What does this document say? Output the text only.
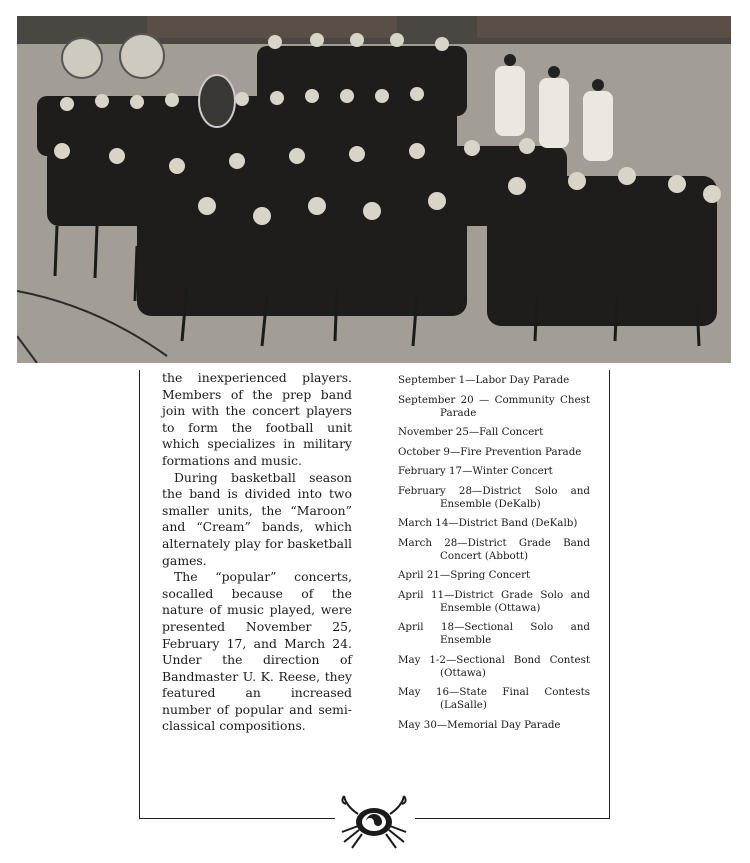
the inexperienced players. Members of the prep band join with the concert players to form the football unit which specializes in military formations and music.

During basketball season the band is divided into two smaller units, the “Maroon” and “Cream” bands, which alternately play for basketball games.

The “popular” concerts, socalled because of the nature of music played, were presented November 25, February 17, and March 24. Under the direction of Bandmaster U. K. Reese, they featured an increased number of popular and semi-classical compositions.

September 1—Labor Day Parade
September 20 — Community Chest Parade
November 25—Fall Concert
October 9—Fire Prevention Parade
February 17—Winter Concert
February 28—District Solo and Ensemble (DeKalb)
March 14—District Band (DeKalb)
March 28—District Grade Band Concert (Abbott)
April 21—Spring Concert
April 11—District Grade Solo and Ensemble (Ottawa)
April 18—Sectional Solo and Ensemble
May 1-2—Sectional Bond Contest (Ottawa)
May 16—State Final Contests (LaSalle)
May 30—Memorial Day Parade
